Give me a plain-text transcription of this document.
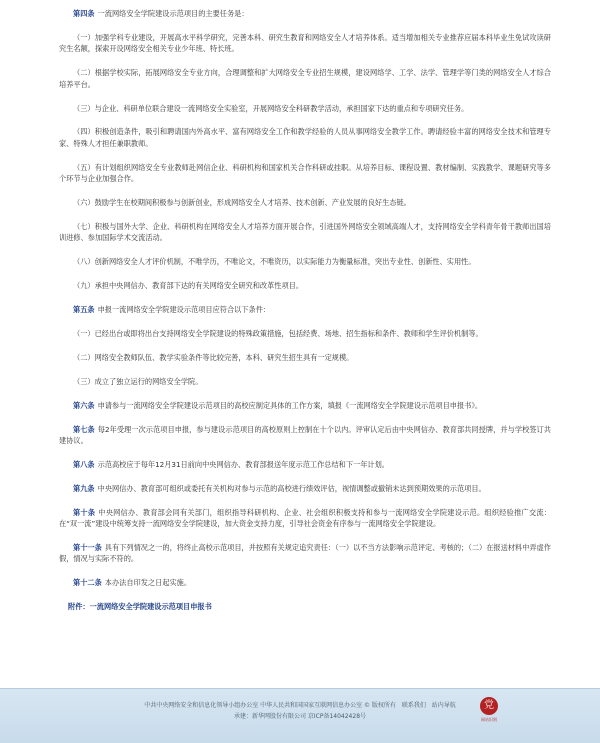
第四条 一流网络安全学院建设示范项目的主要任务是：

（一）加强学科专业建设，开展高水平科学研究，完善本科、研究生教育和网络安全人才培养体系。适当增加相关专业推荐应届本科毕业生免试攻读研究生名额，探索开设网络安全相关专业少年班、特长班。

（二）根据学校实际，拓展网络安全专业方向，合理调整和扩大网络安全专业招生规模，建设网络学、工学、法学、管理学等门类的网络安全人才综合培养平台。

（三）与企业、科研单位联合建设一流网络安全实验室，开展网络安全科研教学活动，承担国家下达的重点和专项研究任务。

（四）积极创造条件，吸引和聘请国内外高水平、富有网络安全工作和教学经验的人员从事网络安全教学工作。聘请经验丰富的网络安全技术和管理专家、特殊人才担任兼职教师。

（五）有计划组织网络安全专业教师赴网信企业、科研机构和国家机关合作科研或挂职。从培养目标、课程设置、教材编制、实践教学、课题研究等多个环节与企业加强合作。

（六）鼓励学生在校期间积极参与创新创业，形成网络安全人才培养、技术创新、产业发展的良好生态链。

（七）积极与国外大学、企业、科研机构在网络安全人才培养方面开展合作，引进国外网络安全领域高端人才，支持网络安全学科青年骨干教师出国培训进修、参加国际学术交流活动。

（八）创新网络安全人才评价机制，不唯学历，不唯论文，不唯资历，以实际能力为衡量标准，突出专业性、创新性、实用性。

（九）承担中央网信办、教育部下达的有关网络安全研究和改革性项目。

第五条 申报一流网络安全学院建设示范项目应符合以下条件：

（一）已经出台或即将出台支持网络安全学院建设的特殊政策措施，包括经费、场地、招生指标和条件、教师和学生评价机制等。

（二）网络安全教师队伍、教学实验条件等比较完善，本科、研究生招生具有一定规模。

（三）成立了独立运行的网络安全学院。

第六条 申请参与一流网络安全学院建设示范项目的高校应制定具体的工作方案，填报《一流网络安全学院建设示范项目申报书》。

第七条 每2年受理一次示范项目申报，参与建设示范项目的高校原则上控制在十个以内。评审认定后由中央网信办、教育部共同授牌，并与学校签订共建协议。

第八条 示范高校应于每年12月31日前向中央网信办、教育部报送年度示范工作总结和下一年计划。

第九条 中央网信办、教育部可组织或委托有关机构对参与示范的高校进行绩效评估，视情调整或撤销未达到预期效果的示范项目。

第十条 中央网信办、教育部会同有关部门，组织指导科研机构、企业、社会组织积极支持和参与一流网络安全学院建设示范。组织经验推广交流：在“双一流”建设中统筹支持一流网络安全学院建设，加大资金支持力度，引导社会资金有序参与一流网络安全学院建设。

第十一条 具有下列情况之一的，将终止高校示范项目，并按照有关规定追究责任：（一）以不当方法影响示范评定、考核的；（二）在报送材料中弄虚作假，情况与实际不符的。

第十二条 本办法自印发之日起实施。

附件：一流网络安全学院建设示范项目申报书
中共中央网络安全和信息化领导小组办公室 中华人民共和国国家互联网信息办公室 © 版权所有 联系我们 站内导航
承建：新华网股份有限公司 京ICP备14042428号
党
网站识别
